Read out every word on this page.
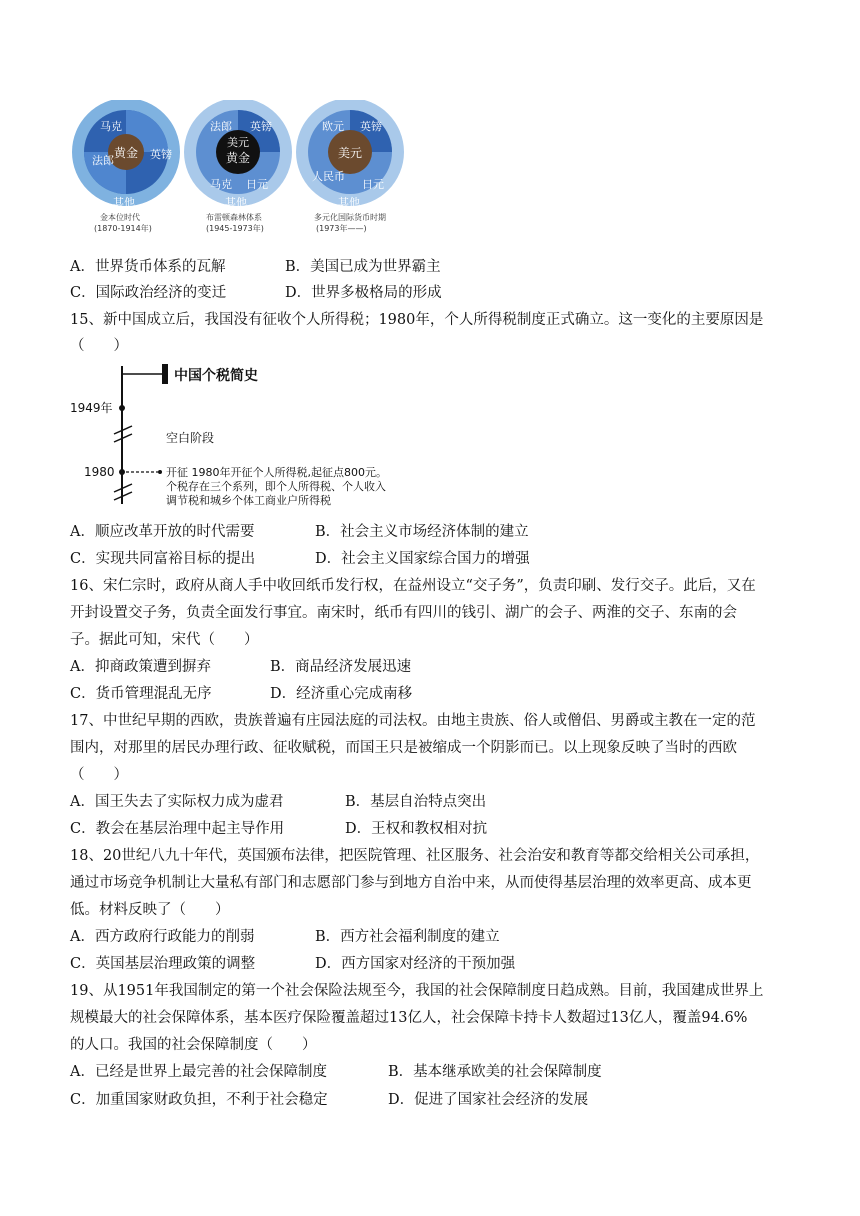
马克
英镑
法郎
其他
黄金
金本位时代
(1870-1914年)
法郎 英镑
马克 日元
其他
美元
黄金
布雷顿森林体系
(1945-1973年)
欧元 英镑
人民币
日元
其他
美元
多元化国际货币时期
(1973年——)
A．世界货币体系的瓦解	B．美国已成为世界霸主
C．国际政治经济的变迁	D．世界多极格局的形成
15、新中国成立后，我国没有征收个人所得税；1980年，个人所得税制度正式确立。这一变化的主要原因是
（　　）
中国个税简史
1949年
空白阶段
1980	开征 1980年开征个人所得税,起征点800元。
个税存在三个系列，即个人所得税、个人收入
调节税和城乡个体工商业户所得税
A．顺应改革开放的时代需要	B．社会主义市场经济体制的建立
C．实现共同富裕目标的提出	D．社会主义国家综合国力的增强
16、宋仁宗时，政府从商人手中收回纸币发行权，在益州设立“交子务”，负责印刷、发行交子。此后，又在
开封设置交子务，负责全面发行事宜。南宋时，纸币有四川的钱引、湖广的会子、两淮的交子、东南的会
子。据此可知，宋代（　　）
A．抑商政策遭到摒弃	B．商品经济发展迅速
C．货币管理混乱无序	D．经济重心完成南移
17、中世纪早期的西欧，贵族普遍有庄园法庭的司法权。由地主贵族、俗人或僧侣、男爵或主教在一定的范
围内，对那里的居民办理行政、征收赋税，而国王只是被缩成一个阴影而已。以上现象反映了当时的西欧
（　　）
A．国王失去了实际权力成为虚君	B．基层自治特点突出
C．教会在基层治理中起主导作用	D．王权和教权相对抗
18、20世纪八九十年代，英国颁布法律，把医院管理、社区服务、社会治安和教育等都交给相关公司承担，
通过市场竞争机制让大量私有部门和志愿部门参与到地方自治中来，从而使得基层治理的效率更高、成本更
低。材料反映了（　　）
A．西方政府行政能力的削弱	B．西方社会福利制度的建立
C．英国基层治理政策的调整	D．西方国家对经济的干预加强
19、从1951年我国制定的第一个社会保险法规至今，我国的社会保障制度日趋成熟。目前，我国建成世界上
规模最大的社会保障体系，基本医疗保险覆盖超过13亿人，社会保障卡持卡人数超过13亿人，覆盖94.6%
的人口。我国的社会保障制度（　　）
A．已经是世界上最完善的社会保障制度	B．基本继承欧美的社会保障制度
C．加重国家财政负担，不利于社会稳定	D．促进了国家社会经济的发展
